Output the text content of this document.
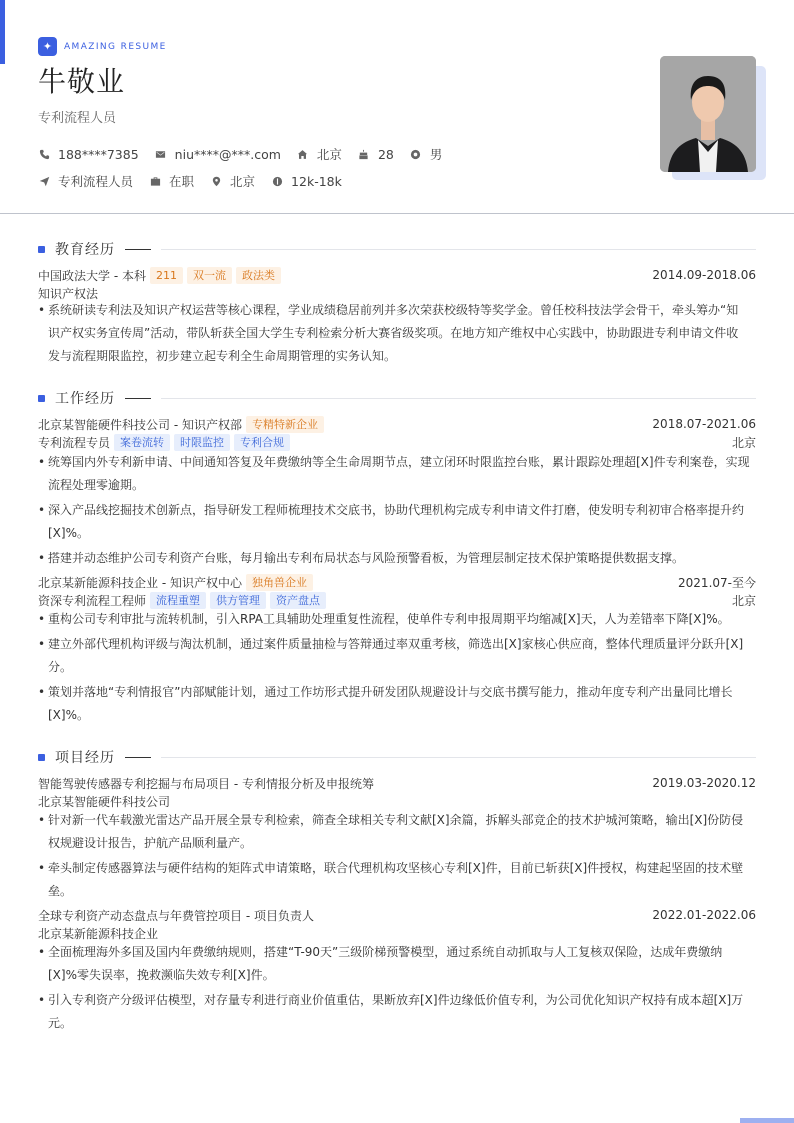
✦	AMAZING RESUME
牛敬业
专利流程人员
188****7385	niu****@***.com	北京	28	男
专利流程人员	在职	北京	12k-18k
教育经历
中国政法大学 - 本科 211	双一流	政法类	2014.09-2018.06
知识产权法
• 系统研读专利法及知识产权运营等核心课程，学业成绩稳居前列并多次荣获校级特等奖学金。曾任校科技法学会骨干，牵头筹办“知识产权实务宣传周”活动，带队斩获全国大学生专利检索分析大赛省级奖项。在地方知产维权中心实践中，协助跟进专利申请文件收发与流程期限监控，初步建立起专利全生命周期管理的实务认知。
工作经历
北京某智能硬件科技公司 - 知识产权部 专精特新企业	2018.07-2021.06
专利流程专员 案卷流转	时限监控	专利合规	北京
• 统筹国内外专利新申请、中间通知答复及年费缴纳等全生命周期节点，建立闭环时限监控台账，累计跟踪处理超[X]件专利案卷，实现流程处理零逾期。
• 深入产品线挖掘技术创新点，指导研发工程师梳理技术交底书，协助代理机构完成专利申请文件打磨，使发明专利初审合格率提升约[X]%。
• 搭建并动态维护公司专利资产台账，每月输出专利布局状态与风险预警看板，为管理层制定技术保护策略提供数据支撑。
北京某新能源科技企业 - 知识产权中心 独角兽企业	2021.07-至今
资深专利流程工程师 流程重塑	供方管理	资产盘点	北京
• 重构公司专利审批与流转机制，引入RPA工具辅助处理重复性流程，使单件专利申报周期平均缩减[X]天，人为差错率下降[X]%。
• 建立外部代理机构评级与淘汰机制，通过案件质量抽检与答辩通过率双重考核，筛选出[X]家核心供应商，整体代理质量评分跃升[X]分。
• 策划并落地“专利情报官”内部赋能计划，通过工作坊形式提升研发团队规避设计与交底书撰写能力，推动年度专利产出量同比增长[X]%。
项目经历
智能驾驶传感器专利挖掘与布局项目 - 专利情报分析及申报统筹	2019.03-2020.12
北京某智能硬件科技公司
• 针对新一代车载激光雷达产品开展全景专利检索，筛查全球相关专利文献[X]余篇，拆解头部竞企的技术护城河策略，输出[X]份防侵权规避设计报告，护航产品顺利量产。
• 牵头制定传感器算法与硬件结构的矩阵式申请策略，联合代理机构攻坚核心专利[X]件，目前已斩获[X]件授权，构建起坚固的技术壁垒。
全球专利资产动态盘点与年费管控项目 - 项目负责人	2022.01-2022.06
北京某新能源科技企业
• 全面梳理海外多国及国内年费缴纳规则，搭建“T-90天”三级阶梯预警模型，通过系统自动抓取与人工复核双保险，达成年费缴纳[X]%零失误率，挽救濒临失效专利[X]件。
• 引入专利资产分级评估模型，对存量专利进行商业价值重估，果断放弃[X]件边缘低价值专利，为公司优化知识产权持有成本超[X]万元。
